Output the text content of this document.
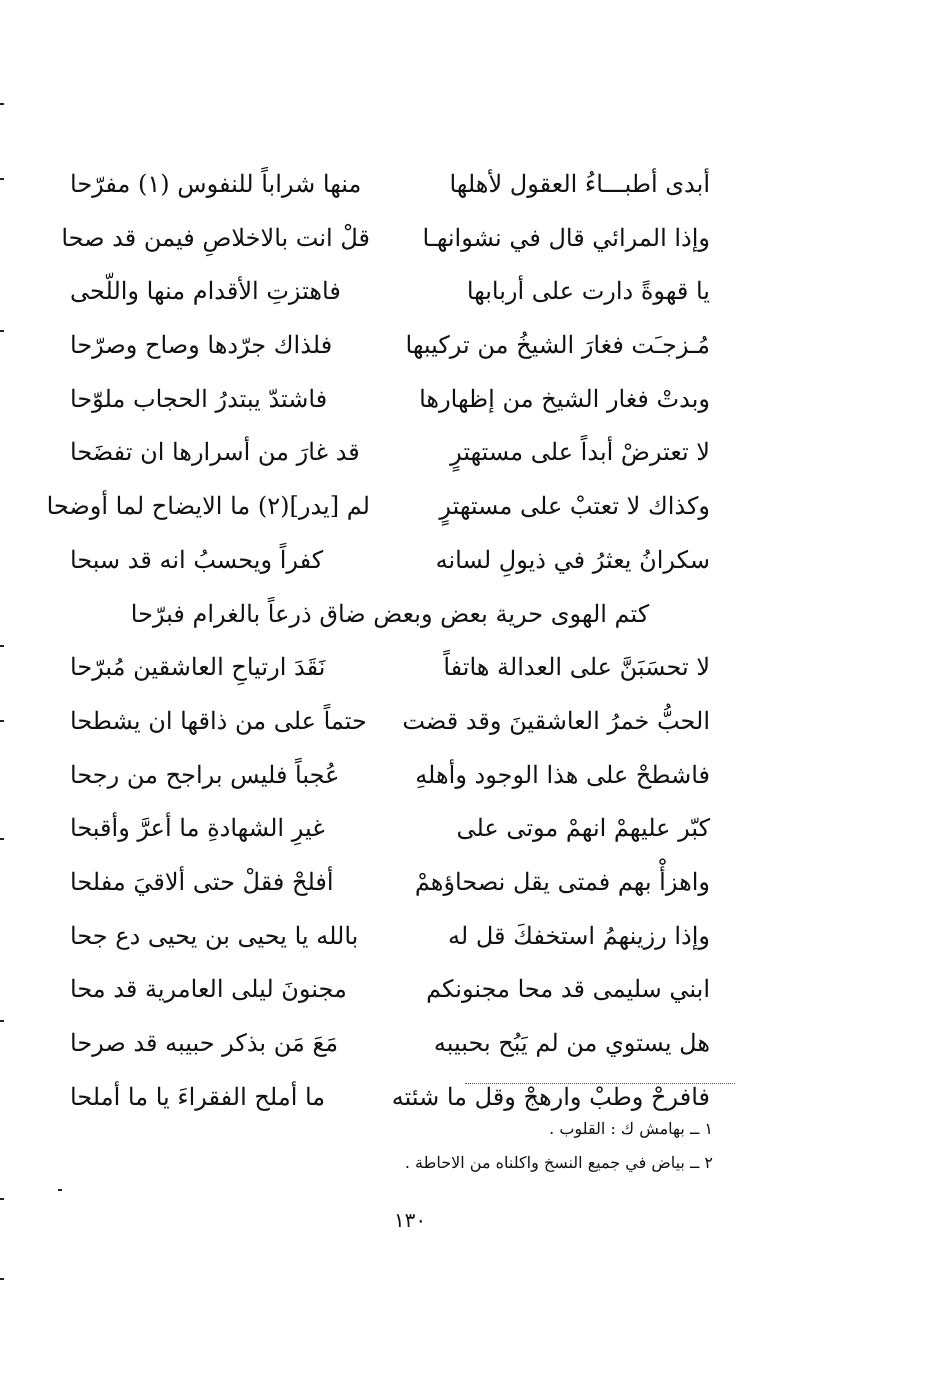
أبدى أطبـــاءُ العقول لأهلها
منها شراباً للنفوس (١) مفرّحا
وإذا المرائي قال في نشوانهـا
قلْ انت بالاخلاصِ فيمن قد صحا
يا قهوةً دارت على أربابها
فاهتزتِ الأقدام منها واللّحى
مُـزجـَت فغارَ الشيخُ من تركيبها
فلذاك جرّدها وصاح وصرّحا
وبدتْ فغار الشيخ من إظهارها
فاشتدّ يبتدرُ الحجاب ملوّحا
لا تعترضْ أبداً على مستهترٍ
قد غارَ من أسرارها ان تفضَحا
وكذاك لا تعتبْ على مستهترٍ
لم [يدر](٢) ما الايضاح لما أوضحا
سكرانُ يعثرُ في ذيولِ لسانه
كفراً ويحسبُ انه قد سبحا
كتم الهوى حرية بعض وبعض ضاق ذرعاً بالغرام فبرّحا
لا تحسَبَنَّ على العدالة هاتفاً
نَقَدَ ارتياحِ العاشقين مُبرّحا
الحبُّ خمرُ العاشقينَ وقد قضت
حتماً على من ذاقها ان يشطحا
فاشطحْ على هذا الوجود وأهلهِ
عُجباً فليس براجح من رجحا
كبّر عليهمْ انهمْ موتى على
غيرِ الشهادةِ ما أعرَّ وأقبحا
واهزأْ بهم فمتى يقل نصحاؤهمْ
أفلحْ فقلْ حتى ألاقيَ مفلحا
وإذا رزينهمُ استخفكَ قل له
بالله يا يحيى بن يحيى دع جحا
ابني سليمى قد محا مجنونكم
مجنونَ ليلى العامرية قد محا
هل يستوي من لم يَبُح بحبيبه
مَعَ مَن بذكر حبيبه قد صرحا
فافرحْ وطبْ وارهجْ وقل ما شئته
ما أملح الفقراءَ يا ما أملحا
١ ــ بهامش ك : القلوب .
٢ ــ بياض في جميع النسخ واكلناه من الاحاطة .
١٣٠
